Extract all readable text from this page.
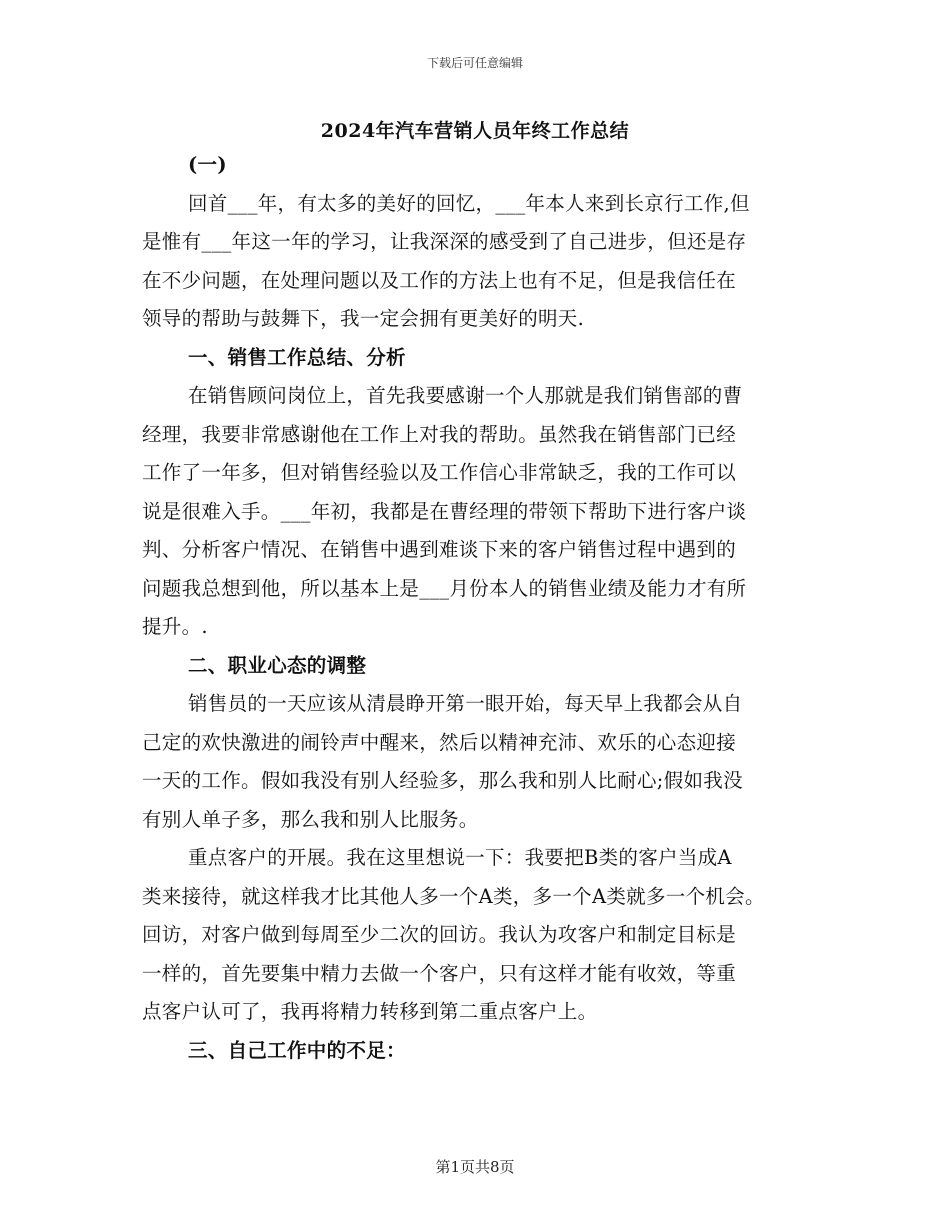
下载后可任意编辑
2024年汽车营销人员年终工作总结
(一)
回首___年，有太多的美好的回忆，___年本人来到长京行工作,但
是惟有___年这一年的学习，让我深深的感受到了自己进步，但还是存
在不少问题，在处理问题以及工作的方法上也有不足，但是我信任在
领导的帮助与鼓舞下，我一定会拥有更美好的明天.
一、销售工作总结、分析
在销售顾问岗位上，首先我要感谢一个人那就是我们销售部的曹
经理，我要非常感谢他在工作上对我的帮助。虽然我在销售部门已经
工作了一年多，但对销售经验以及工作信心非常缺乏，我的工作可以
说是很难入手。___年初，我都是在曹经理的带领下帮助下进行客户谈
判、分析客户情况、在销售中遇到难谈下来的客户销售过程中遇到的
问题我总想到他，所以基本上是___月份本人的销售业绩及能力才有所
提升。.
二、职业心态的调整
销售员的一天应该从清晨睁开第一眼开始，每天早上我都会从自
己定的欢快激进的闹铃声中醒来，然后以精神充沛、欢乐的心态迎接
一天的工作。假如我没有别人经验多，那么我和别人比耐心;假如我没
有别人单子多，那么我和别人比服务。
重点客户的开展。我在这里想说一下：我要把B类的客户当成A
类来接待，就这样我才比其他人多一个A类，多一个A类就多一个机会。
回访，对客户做到每周至少二次的回访。我认为攻客户和制定目标是
一样的，首先要集中精力去做一个客户，只有这样才能有收效，等重
点客户认可了，我再将精力转移到第二重点客户上。
三、自己工作中的不足：
第1页共8页
